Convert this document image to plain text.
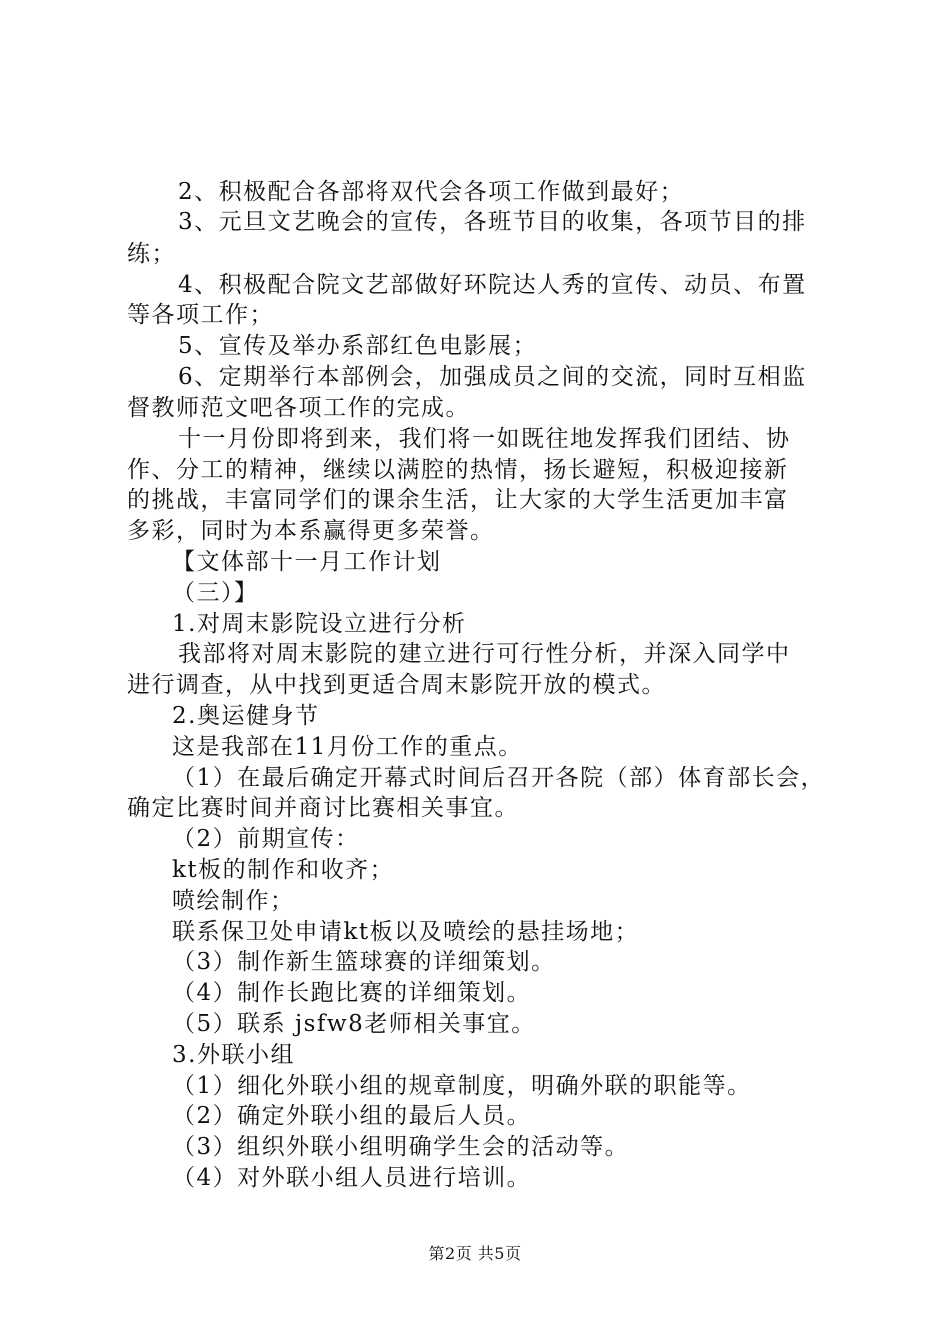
2、积极配合各部将双代会各项工作做到最好；
3、元旦文艺晚会的宣传，各班节目的收集，各项节目的排
练；
4、积极配合院文艺部做好环院达人秀的宣传、动员、布置
等各项工作；
5、宣传及举办系部红色电影展；
6、定期举行本部例会，加强成员之间的交流，同时互相监
督教师范文吧各项工作的完成。
十一月份即将到来，我们将一如既往地发挥我们团结、协
作、分工的精神，继续以满腔的热情，扬长避短，积极迎接新
的挑战，丰富同学们的课余生活，让大家的大学生活更加丰富
多彩，同时为本系赢得更多荣誉。
【文体部十一月工作计划
（三）】
1.对周末影院设立进行分析
我部将对周末影院的建立进行可行性分析，并深入同学中
进行调查，从中找到更适合周末影院开放的模式。
2.奥运健身节
这是我部在11月份工作的重点。
（1）在最后确定开幕式时间后召开各院（部）体育部长会，
确定比赛时间并商讨比赛相关事宜。
（2）前期宣传：
kt板的制作和收齐；
喷绘制作；
联系保卫处申请kt板以及喷绘的悬挂场地；
（3）制作新生篮球赛的详细策划。
（4）制作长跑比赛的详细策划。
（5）联系 jsfw8老师相关事宜。
3.外联小组
（1）细化外联小组的规章制度，明确外联的职能等。
（2）确定外联小组的最后人员。
（3）组织外联小组明确学生会的活动等。
（4）对外联小组人员进行培训。
第2页 共5页
